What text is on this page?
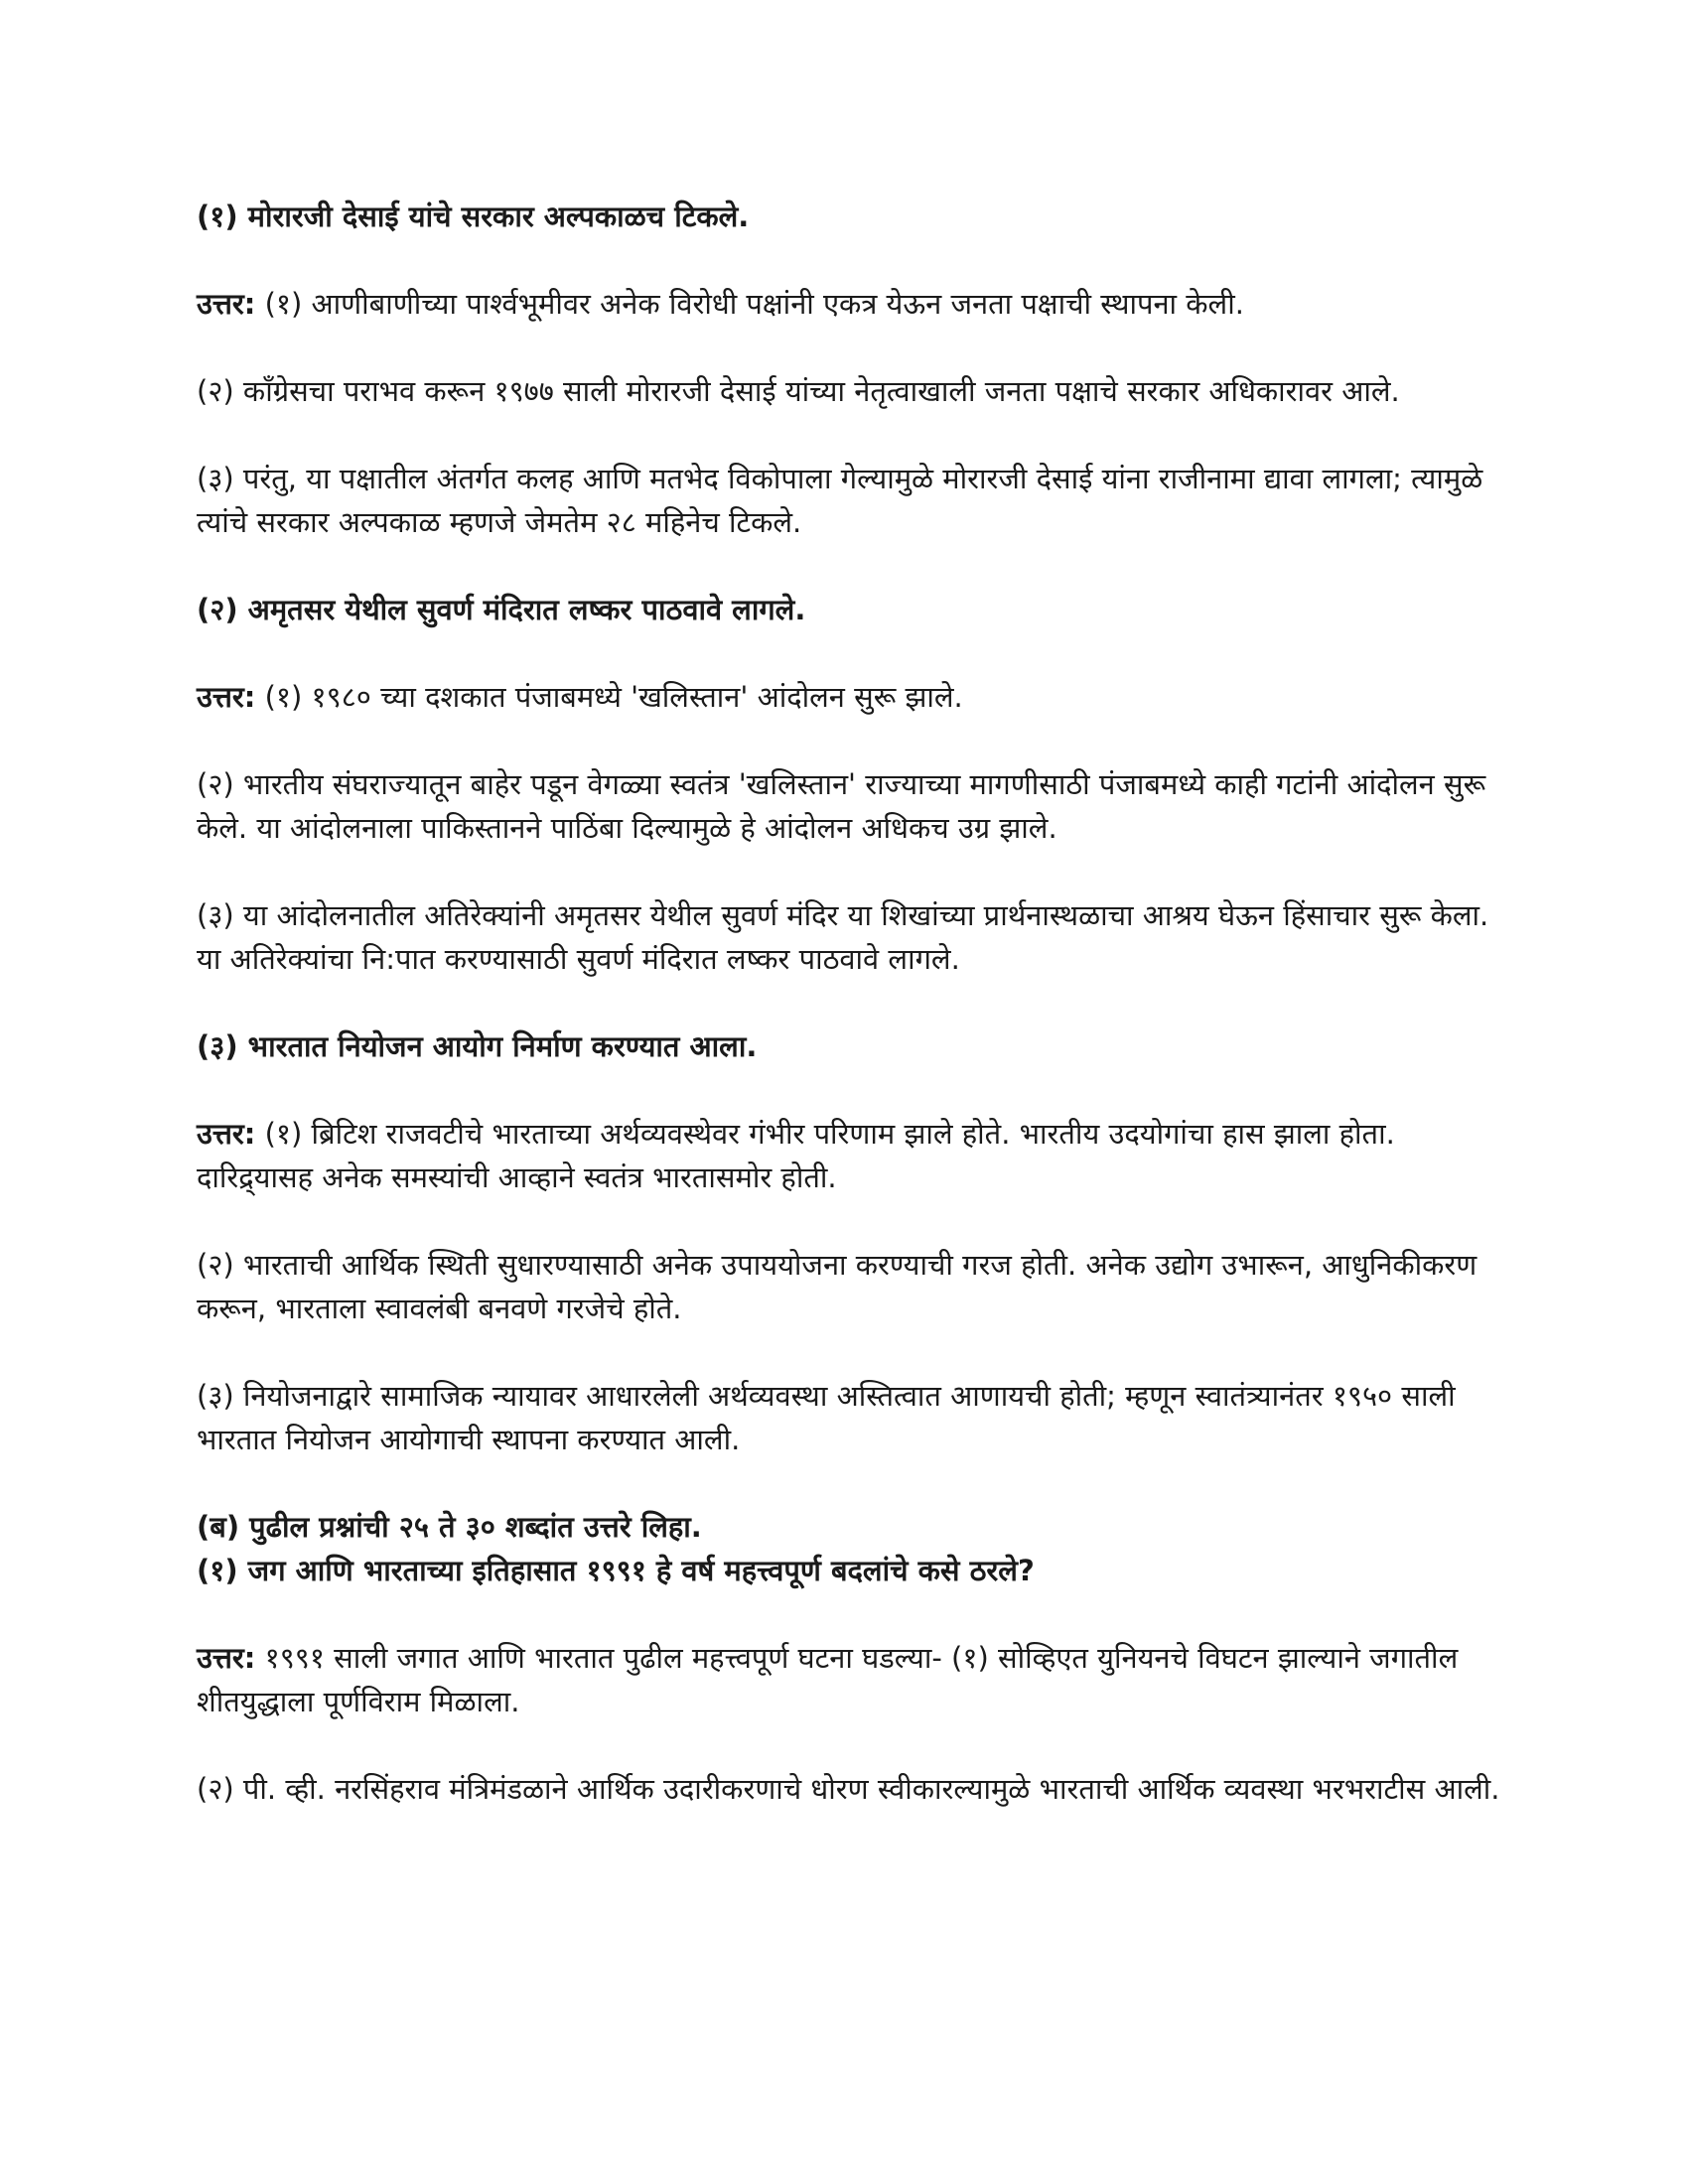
(१) मोरारजी देसाई यांचे सरकार अल्पकाळच टिकले.
उत्तर: (१) आणीबाणीच्या पार्श्वभूमीवर अनेक विरोधी पक्षांनी एकत्र येऊन जनता पक्षाची स्थापना केली.
(२) काँग्रेसचा पराभव करून १९७७ साली मोरारजी देसाई यांच्या नेतृत्वाखाली जनता पक्षाचे सरकार अधिकारावर आले.
(३) परंतु, या पक्षातील अंतर्गत कलह आणि मतभेद विकोपाला गेल्यामुळे मोरारजी देसाई यांना राजीनामा द्यावा लागला; त्यामुळे त्यांचे सरकार अल्पकाळ म्हणजे जेमतेम २८ महिनेच टिकले.
(२) अमृतसर येथील सुवर्ण मंदिरात लष्कर पाठवावे लागले.
उत्तर: (१) १९८० च्या दशकात पंजाबमध्ये 'खलिस्तान' आंदोलन सुरू झाले.
(२) भारतीय संघराज्यातून बाहेर पडून वेगळ्या स्वतंत्र 'खलिस्तान' राज्याच्या मागणीसाठी पंजाबमध्ये काही गटांनी आंदोलन सुरू केले. या आंदोलनाला पाकिस्तानने पाठिंबा दिल्यामुळे हे आंदोलन अधिकच उग्र झाले.
(३) या आंदोलनातील अतिरेक्यांनी अमृतसर येथील सुवर्ण मंदिर या शिखांच्या प्रार्थनास्थळाचा आश्रय घेऊन हिंसाचार सुरू केला. या अतिरेक्यांचा नि:पात करण्यासाठी सुवर्ण मंदिरात लष्कर पाठवावे लागले.
(३) भारतात नियोजन आयोग निर्माण करण्यात आला.
उत्तर: (१) ब्रिटिश राजवटीचे भारताच्या अर्थव्यवस्थेवर गंभीर परिणाम झाले होते. भारतीय उदयोगांचा हास झाला होता. दारिद्र्यासह अनेक समस्यांची आव्हाने स्वतंत्र भारतासमोर होती.
(२) भारताची आर्थिक स्थिती सुधारण्यासाठी अनेक उपाययोजना करण्याची गरज होती. अनेक उद्योग उभारून, आधुनिकीकरण करून, भारताला स्वावलंबी बनवणे गरजेचे होते.
(३) नियोजनाद्वारे सामाजिक न्यायावर आधारलेली अर्थव्यवस्था अस्तित्वात आणायची होती; म्हणून स्वातंत्र्यानंतर १९५० साली भारतात नियोजन आयोगाची स्थापना करण्यात आली.
(ब) पुढील प्रश्नांची २५ ते ३० शब्दांत उत्तरे लिहा.
(१) जग आणि भारताच्या इतिहासात १९९१ हे वर्ष महत्त्वपूर्ण बदलांचे कसे ठरले?
उत्तर: १९९१ साली जगात आणि भारतात पुढील महत्त्वपूर्ण घटना घडल्या- (१) सोव्हिएत युनियनचे विघटन झाल्याने जगातील शीतयुद्धाला पूर्णविराम मिळाला.
(२) पी. व्ही. नरसिंहराव मंत्रिमंडळाने आर्थिक उदारीकरणाचे धोरण स्वीकारल्यामुळे भारताची आर्थिक व्यवस्था भरभराटीस आली.
